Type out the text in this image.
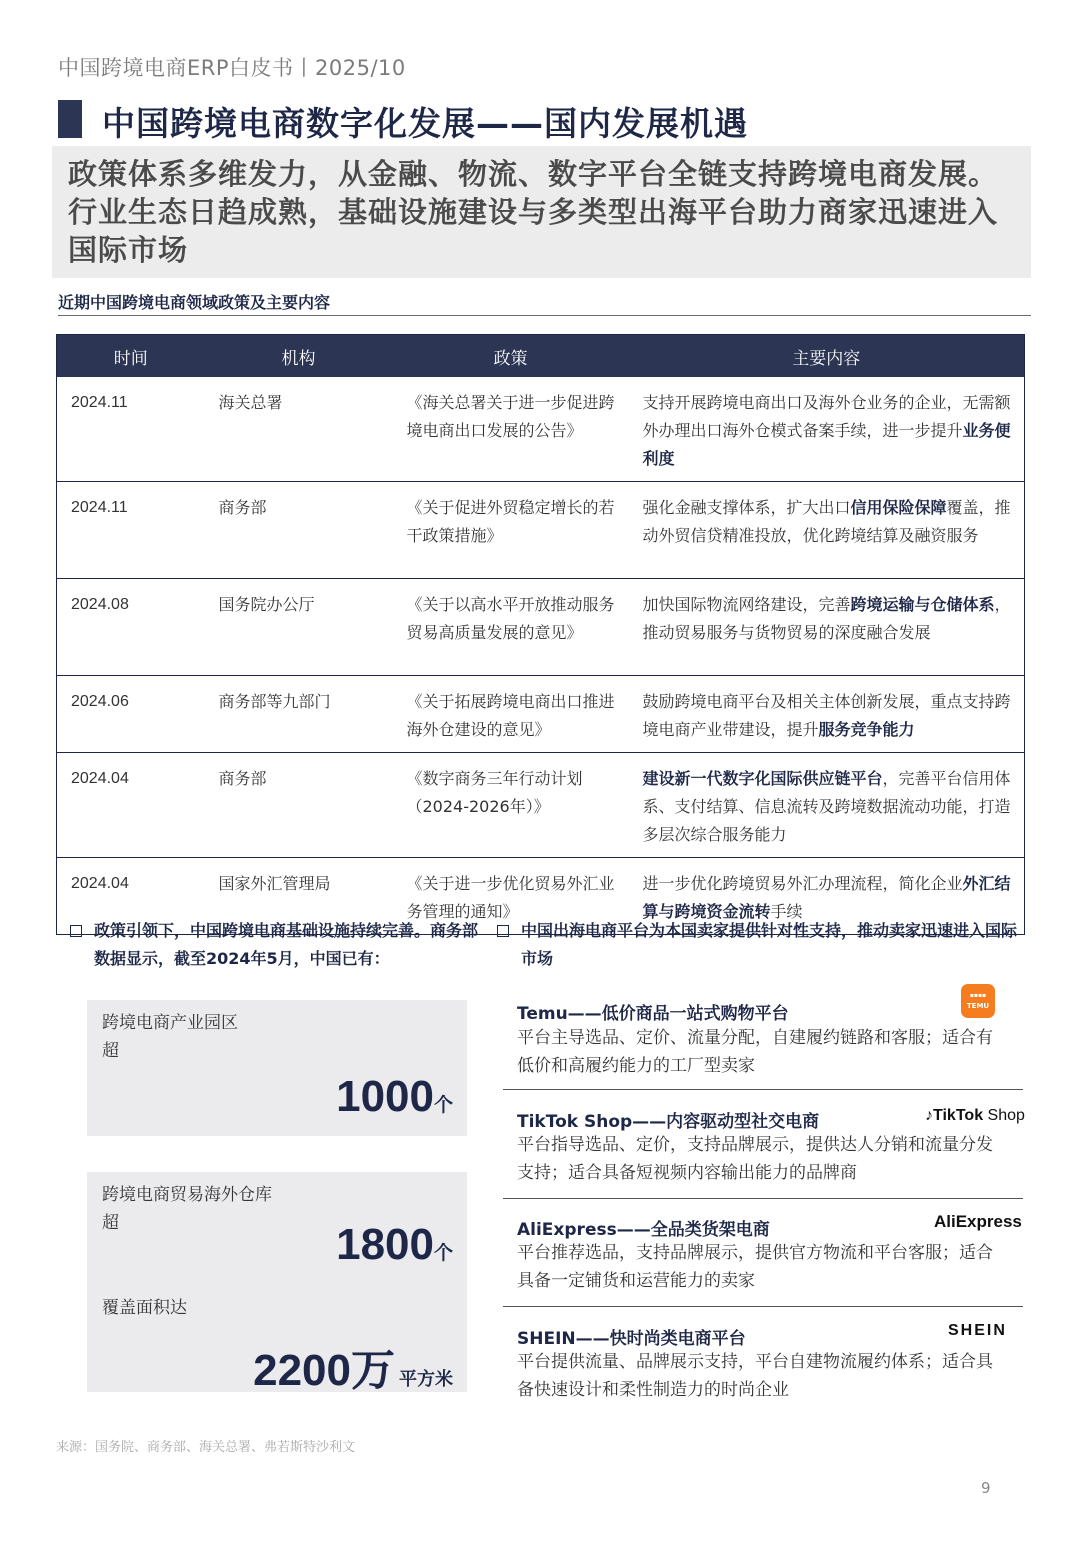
中国跨境电商ERP白皮书丨2025/10
中国跨境电商数字化发展——国内发展机遇
政策体系多维发力，从金融、物流、数字平台全链支持跨境电商发展。行业生态日趋成熟，基础设施建设与多类型出海平台助力商家迅速进入国际市场
近期中国跨境电商领域政策及主要内容
时间	机构	政策	主要内容
2024.11	海关总署	《海关总署关于进一步促进跨境电商出口发展的公告》	支持开展跨境电商出口及海外仓业务的企业，无需额外办理出口海外仓模式备案手续，进一步提升业务便利度
2024.11	商务部	《关于促进外贸稳定增长的若干政策措施》	强化金融支撑体系，扩大出口信用保险保障覆盖，推动外贸信贷精准投放，优化跨境结算及融资服务
2024.08	国务院办公厅	《关于以高水平开放推动服务贸易高质量发展的意见》	加快国际物流网络建设，完善跨境运输与仓储体系，推动贸易服务与货物贸易的深度融合发展
2024.06	商务部等九部门	《关于拓展跨境电商出口推进海外仓建设的意见》	鼓励跨境电商平台及相关主体创新发展，重点支持跨境电商产业带建设，提升服务竞争能力
2024.04	商务部	《数字商务三年行动计划（2024-2026年）》	建设新一代数字化国际供应链平台，完善平台信用体系、支付结算、信息流转及跨境数据流动功能，打造多层次综合服务能力
2024.04	国家外汇管理局	《关于进一步优化贸易外汇业务管理的通知》	进一步优化跨境贸易外汇办理流程，简化企业外汇结算与跨境资金流转手续
政策引领下，中国跨境电商基础设施持续完善。商务部数据显示，截至2024年5月，中国已有：
跨境电商产业园区
超
1000个
跨境电商贸易海外仓库
超	1800个
覆盖面积达
2200万 平方米
中国出海电商平台为本国卖家提供针对性支持，推动卖家迅速进入国际市场
Temu——低价商品一站式购物平台
▪▪▪▪
TEMU
平台主导选品、定价、流量分配，自建履约链路和客服；适合有低价和高履约能力的工厂型卖家
TikTok Shop——内容驱动型社交电商	♪TikTok Shop
平台指导选品、定价，支持品牌展示，提供达人分销和流量分发支持；适合具备短视频内容输出能力的品牌商
AliExpress——全品类货架电商	AliExpress
平台推荐选品，支持品牌展示，提供官方物流和平台客服；适合具备一定铺货和运营能力的卖家
SHEIN——快时尚类电商平台	SHEIN
平台提供流量、品牌展示支持，平台自建物流履约体系；适合具备快速设计和柔性制造力的时尚企业
来源：国务院、商务部、海关总署、弗若斯特沙利文
9
